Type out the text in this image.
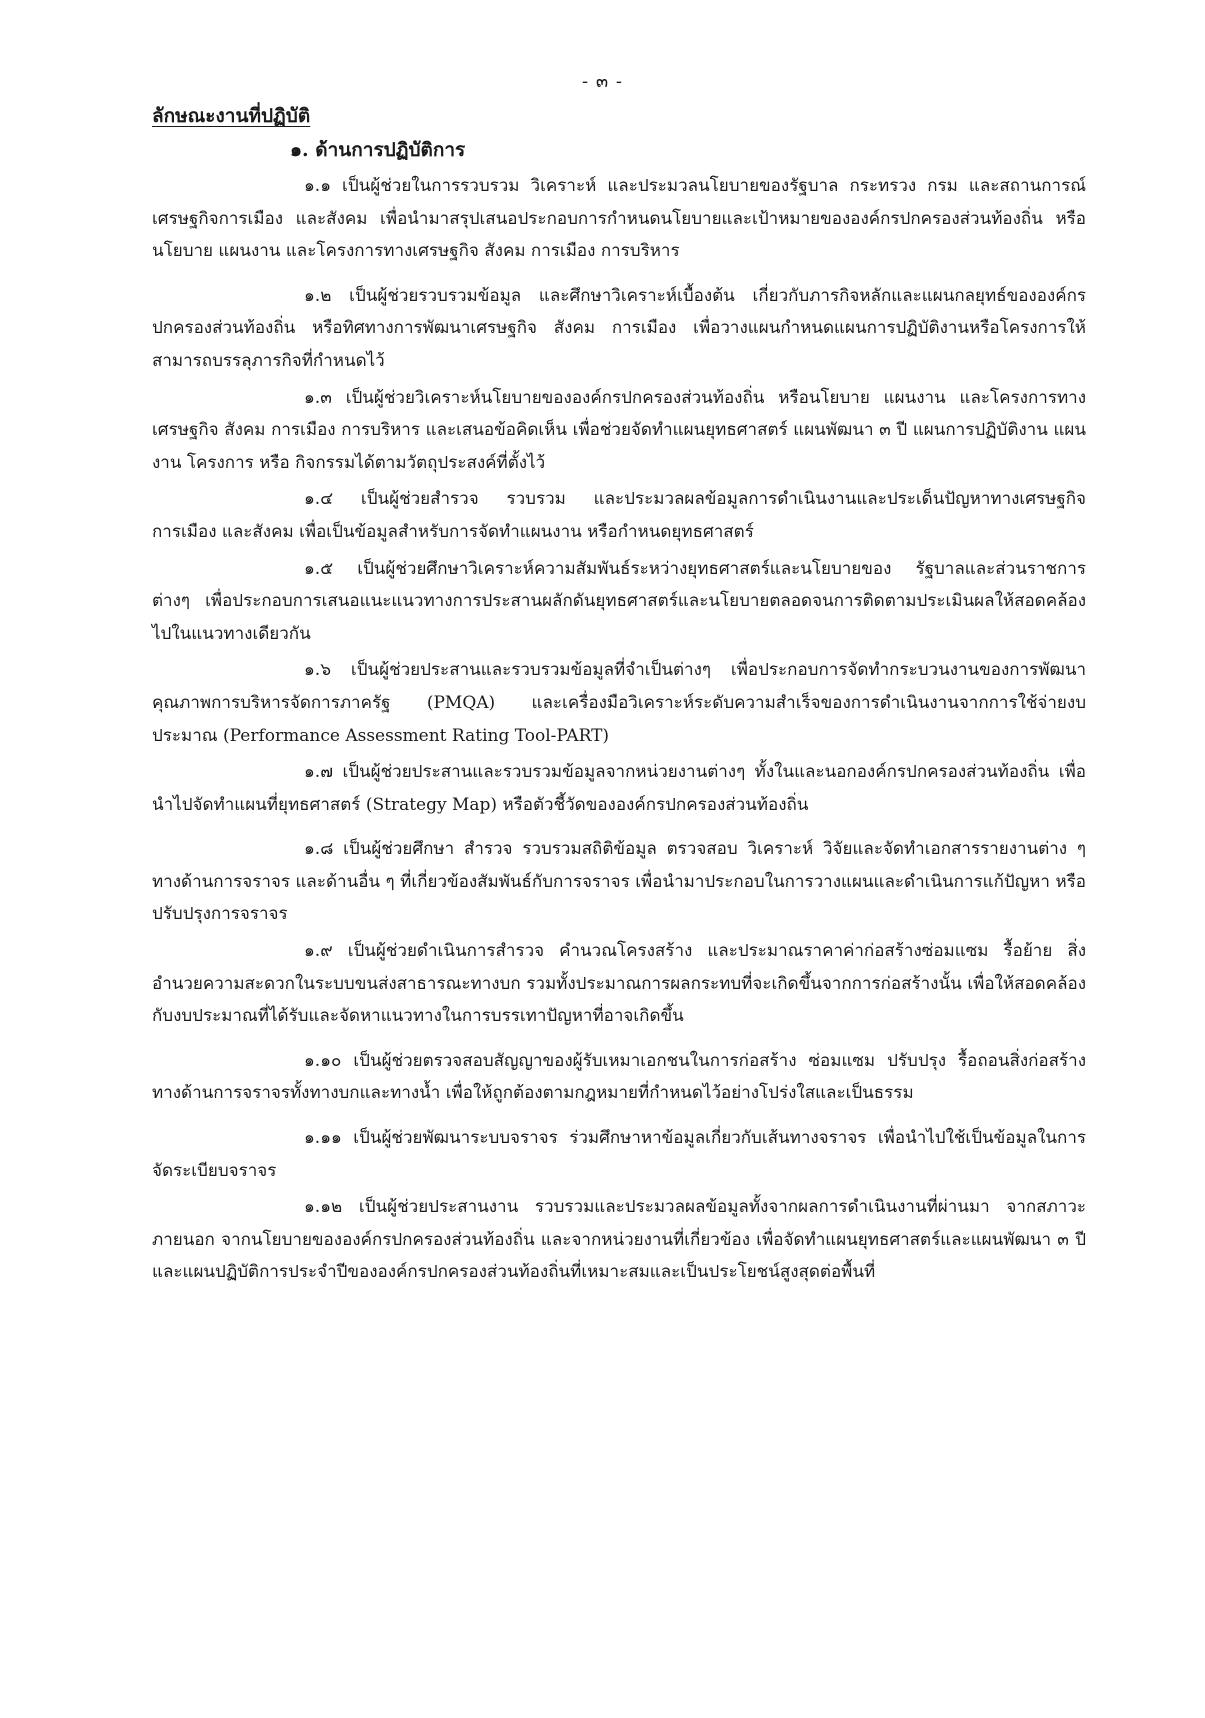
- ๓ -

ลักษณะงานที่ปฏิบัติ

๑. ด้านการปฏิบัติการ

๑.๑ เป็นผู้ช่วยในการรวบรวม วิเคราะห์ และประมวลนโยบายของรัฐบาล กระทรวง กรม และสถานการณ์เศรษฐกิจการเมือง และสังคม เพื่อนำมาสรุปเสนอประกอบการกำหนดนโยบายและเป้าหมายขององค์กรปกครองส่วนท้องถิ่น หรือนโยบาย แผนงาน และโครงการทางเศรษฐกิจ สังคม การเมือง การบริหาร

๑.๒ เป็นผู้ช่วยรวบรวมข้อมูล และศึกษาวิเคราะห์เบื้องต้น เกี่ยวกับภารกิจหลักและแผนกลยุทธ์ขององค์กรปกครองส่วนท้องถิ่น หรือทิศทางการพัฒนาเศรษฐกิจ สังคม การเมือง เพื่อวางแผนกำหนดแผนการปฏิบัติงานหรือโครงการให้สามารถบรรลุภารกิจที่กำหนดไว้

๑.๓ เป็นผู้ช่วยวิเคราะห์นโยบายขององค์กรปกครองส่วนท้องถิ่น หรือนโยบาย แผนงาน และโครงการทางเศรษฐกิจ สังคม การเมือง การบริหาร และเสนอข้อคิดเห็น เพื่อช่วยจัดทำแผนยุทธศาสตร์ แผนพัฒนา ๓ ปี แผนการปฏิบัติงาน แผนงาน โครงการ หรือ กิจกรรมได้ตามวัตถุประสงค์ที่ตั้งไว้

๑.๔ เป็นผู้ช่วยสำรวจ รวบรวม และประมวลผลข้อมูลการดำเนินงานและประเด็นปัญหาทางเศรษฐกิจ การเมือง และสังคม เพื่อเป็นข้อมูลสำหรับการจัดทำแผนงาน หรือกำหนดยุทธศาสตร์

๑.๕ เป็นผู้ช่วยศึกษาวิเคราะห์ความสัมพันธ์ระหว่างยุทธศาสตร์และนโยบายของ รัฐบาลและส่วนราชการต่างๆ เพื่อประกอบการเสนอแนะแนวทางการประสานผลักดันยุทธศาสตร์และนโยบายตลอดจนการติดตามประเมินผลให้สอดคล้องไปในแนวทางเดียวกัน

๑.๖ เป็นผู้ช่วยประสานและรวบรวมข้อมูลที่จำเป็นต่างๆ เพื่อประกอบการจัดทำกระบวนงานของการพัฒนาคุณภาพการบริหารจัดการภาครัฐ (PMQA) และเครื่องมือวิเคราะห์ระดับความสำเร็จของการดำเนินงานจากการใช้จ่ายงบประมาณ (Performance Assessment Rating Tool-PART)

๑.๗ เป็นผู้ช่วยประสานและรวบรวมข้อมูลจากหน่วยงานต่างๆ ทั้งในและนอกองค์กรปกครองส่วนท้องถิ่น เพื่อนำไปจัดทำแผนที่ยุทธศาสตร์ (Strategy Map) หรือตัวชี้วัดขององค์กรปกครองส่วนท้องถิ่น

๑.๘ เป็นผู้ช่วยศึกษา สำรวจ รวบรวมสถิติข้อมูล ตรวจสอบ วิเคราะห์ วิจัยและจัดทำเอกสารรายงานต่าง ๆ ทางด้านการจราจร และด้านอื่น ๆ ที่เกี่ยวข้องสัมพันธ์กับการจราจร เพื่อนำมาประกอบในการวางแผนและดำเนินการแก้ปัญหา หรือปรับปรุงการจราจร

๑.๙ เป็นผู้ช่วยดำเนินการสำรวจ คำนวณโครงสร้าง และประมาณราคาค่าก่อสร้างซ่อมแซม รื้อย้าย สิ่งอำนวยความสะดวกในระบบขนส่งสาธารณะทางบก รวมทั้งประมาณการผลกระทบที่จะเกิดขึ้นจากการก่อสร้างนั้น เพื่อให้สอดคล้องกับงบประมาณที่ได้รับและจัดหาแนวทางในการบรรเทาปัญหาที่อาจเกิดขึ้น

๑.๑๐ เป็นผู้ช่วยตรวจสอบสัญญาของผู้รับเหมาเอกชนในการก่อสร้าง ซ่อมแซม ปรับปรุง รื้อถอนสิ่งก่อสร้างทางด้านการจราจรทั้งทางบกและทางน้ำ เพื่อให้ถูกต้องตามกฎหมายที่กำหนดไว้อย่างโปร่งใสและเป็นธรรม

๑.๑๑ เป็นผู้ช่วยพัฒนาระบบจราจร ร่วมศึกษาหาข้อมูลเกี่ยวกับเส้นทางจราจร เพื่อนำไปใช้เป็นข้อมูลในการจัดระเบียบจราจร

๑.๑๒ เป็นผู้ช่วยประสานงาน รวบรวมและประมวลผลข้อมูลทั้งจากผลการดำเนินงานที่ผ่านมา จากสภาวะภายนอก จากนโยบายขององค์กรปกครองส่วนท้องถิ่น และจากหน่วยงานที่เกี่ยวข้อง เพื่อจัดทำแผนยุทธศาสตร์และแผนพัฒนา ๓ ปี และแผนปฏิบัติการประจำปีขององค์กรปกครองส่วนท้องถิ่นที่เหมาะสมและเป็นประโยชน์สูงสุดต่อพื้นที่
